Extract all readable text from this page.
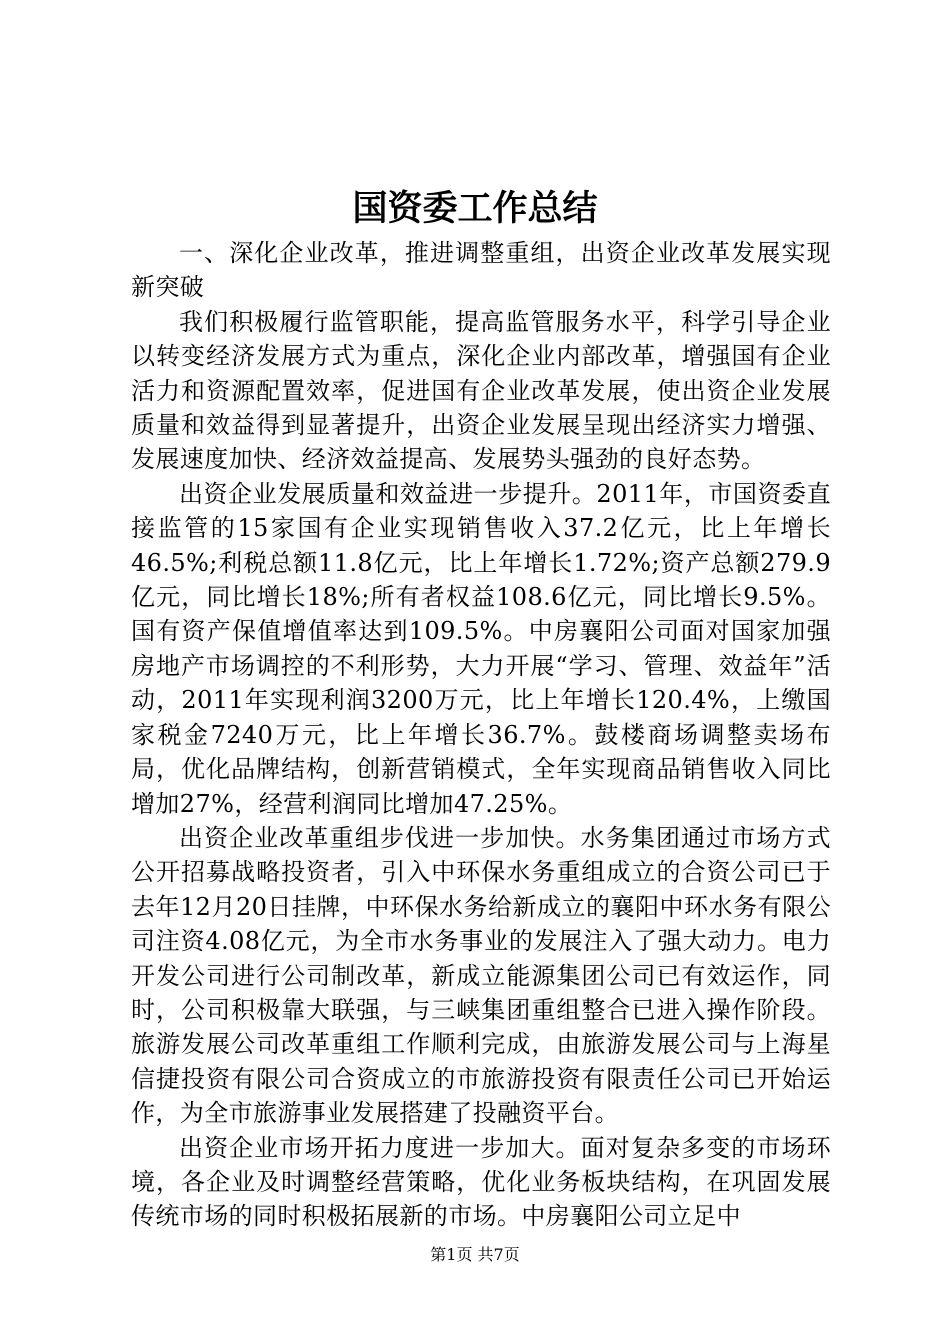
国资委工作总结

一、深化企业改革，推进调整重组，出资企业改革发展实现新突破

我们积极履行监管职能，提高监管服务水平，科学引导企业以转变经济发展方式为重点，深化企业内部改革，增强国有企业活力和资源配置效率，促进国有企业改革发展，使出资企业发展质量和效益得到显著提升，出资企业发展呈现出经济实力增强、发展速度加快、经济效益提高、发展势头强劲的良好态势。

出资企业发展质量和效益进一步提升。2011年，市国资委直接监管的15家国有企业实现销售收入37.2亿元，比上年增长46.5%;利税总额11.8亿元，比上年增长1.72%;资产总额279.9亿元，同比增长18%;所有者权益108.6亿元，同比增长9.5%。国有资产保值增值率达到109.5%。中房襄阳公司面对国家加强房地产市场调控的不利形势，大力开展“学习、管理、效益年”活动，2011年实现利润3200万元，比上年增长120.4%，上缴国家税金7240万元，比上年增长36.7%。鼓楼商场调整卖场布局，优化品牌结构，创新营销模式，全年实现商品销售收入同比增加27%，经营利润同比增加47.25%。

出资企业改革重组步伐进一步加快。水务集团通过市场方式公开招募战略投资者，引入中环保水务重组成立的合资公司已于去年12月20日挂牌，中环保水务给新成立的襄阳中环水务有限公司注资4.08亿元，为全市水务事业的发展注入了强大动力。电力开发公司进行公司制改革，新成立能源集团公司已有效运作，同时，公司积极靠大联强，与三峡集团重组整合已进入操作阶段。旅游发展公司改革重组工作顺利完成，由旅游发展公司与上海星信捷投资有限公司合资成立的市旅游投资有限责任公司已开始运作，为全市旅游事业发展搭建了投融资平台。

出资企业市场开拓力度进一步加大。面对复杂多变的市场环境，各企业及时调整经营策略，优化业务板块结构，在巩固发展传统市场的同时积极拓展新的市场。中房襄阳公司立足中

第1页 共7页
